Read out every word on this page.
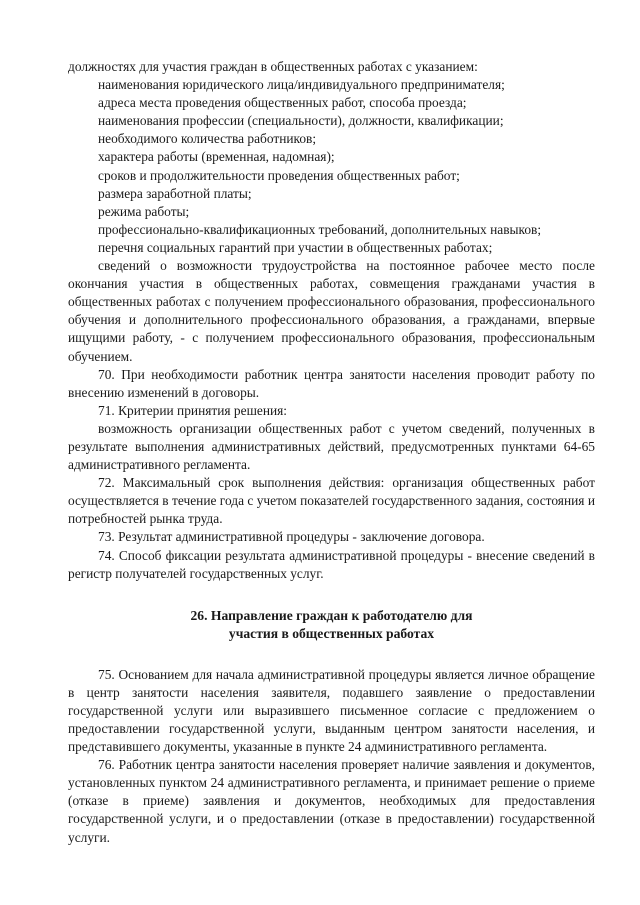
должностях для участия граждан в общественных работах с указанием:

наименования юридического лица/индивидуального предпринимателя;

адреса места проведения общественных работ, способа проезда;

наименования профессии (специальности), должности, квалификации;

необходимого количества работников;

характера работы (временная, надомная);

сроков и продолжительности проведения общественных работ;

размера заработной платы;

режима работы;

профессионально-квалификационных требований, дополнительных навыков;

перечня социальных гарантий при участии в общественных работах;

сведений о возможности трудоустройства на постоянное рабочее место после окончания участия в общественных работах, совмещения гражданами участия в общественных работах с получением профессионального образования, профессионального обучения и дополнительного профессионального образования, а гражданами, впервые ищущими работу, - с получением профессионального образования, профессиональным обучением.

70. При необходимости работник центра занятости населения проводит работу по внесению изменений в договоры.

71. Критерии принятия решения:

возможность организации общественных работ с учетом сведений, полученных в результате выполнения административных действий, предусмотренных пунктами 64-65 административного регламента.

72. Максимальный срок выполнения действия: организация общественных работ осуществляется в течение года с учетом показателей государственного задания, состояния и потребностей рынка труда.

73. Результат административной процедуры - заключение договора.

74. Способ фиксации результата административной процедуры - внесение сведений в регистр получателей государственных услуг.

26. Направление граждан к работодателю для
участия в общественных работах

75. Основанием для начала административной процедуры является личное обращение в центр занятости населения заявителя, подавшего заявление о предоставлении государственной услуги или выразившего письменное согласие с предложением о предоставлении государственной услуги, выданным центром занятости населения, и представившего документы, указанные в пункте 24 административного регламента.

76. Работник центра занятости населения проверяет наличие заявления и документов, установленных пунктом 24 административного регламента, и принимает решение о приеме (отказе в приеме) заявления и документов, необходимых для предоставления государственной услуги, и о предоставлении (отказе в предоставлении) государственной услуги.
